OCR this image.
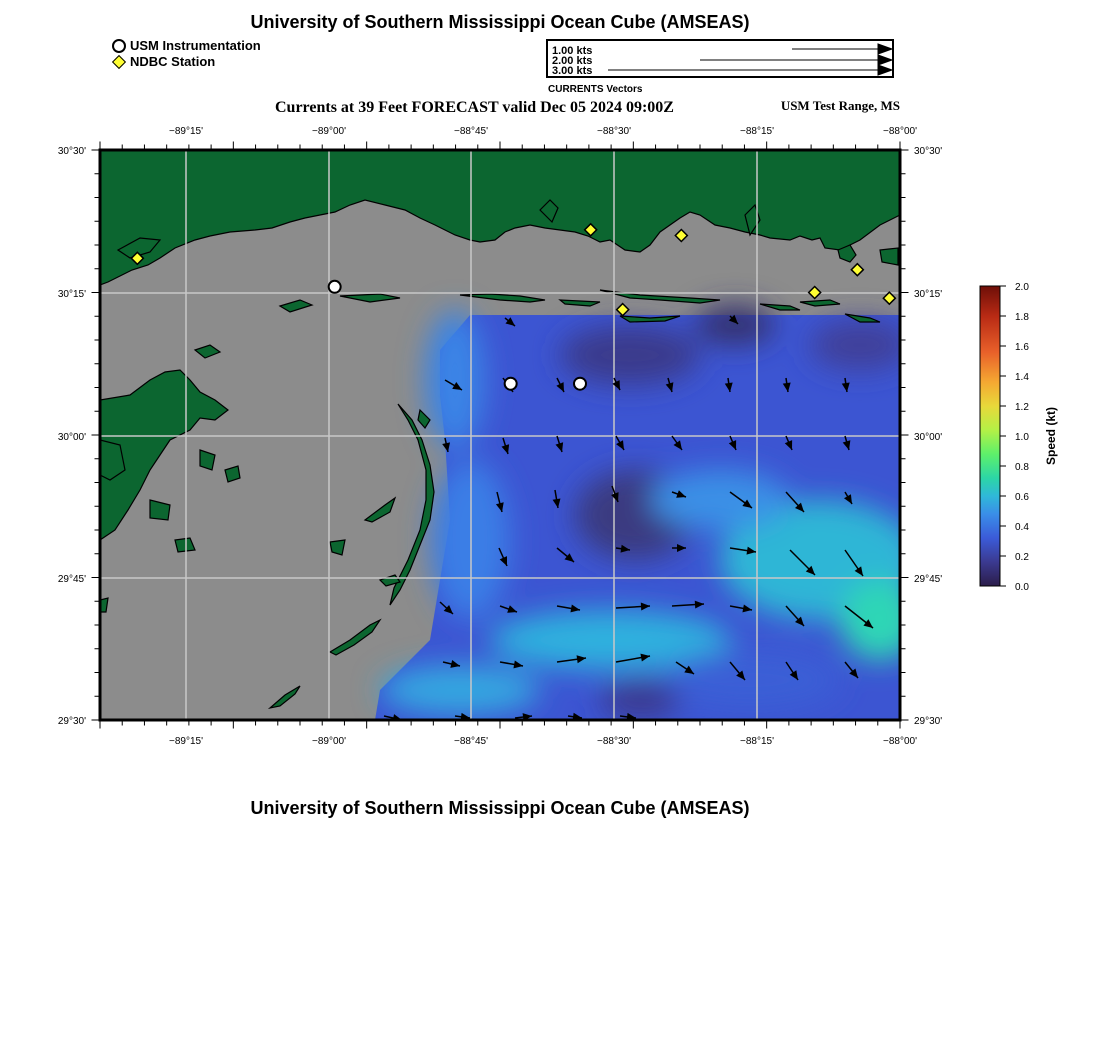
University of Southern Mississippi Ocean Cube (AMSEAS)
USM Instrumentation
NDBC Station
1.00 kts
2.00 kts
3.00 kts
CURRENTS Vectors
Currents at 39 Feet FORECAST valid Dec 05 2024 09:00Z	USM Test Range, MS
−89°15'	−89°00'	−88°45'	−88°30'	−88°15'	−88°00'
−89°15'	−89°00'	−88°45'	−88°30'	−88°15'	−88°00'
30°30'
30°15'
30°00'
29°45'
29°30'
30°30'
30°15'
30°00'
29°45'
29°30'
0.0
0.2
0.4
0.6
0.8
1.0
1.2
1.4
1.6
1.8
2.0
Speed (kt)
University of Southern Mississippi Ocean Cube (AMSEAS)
